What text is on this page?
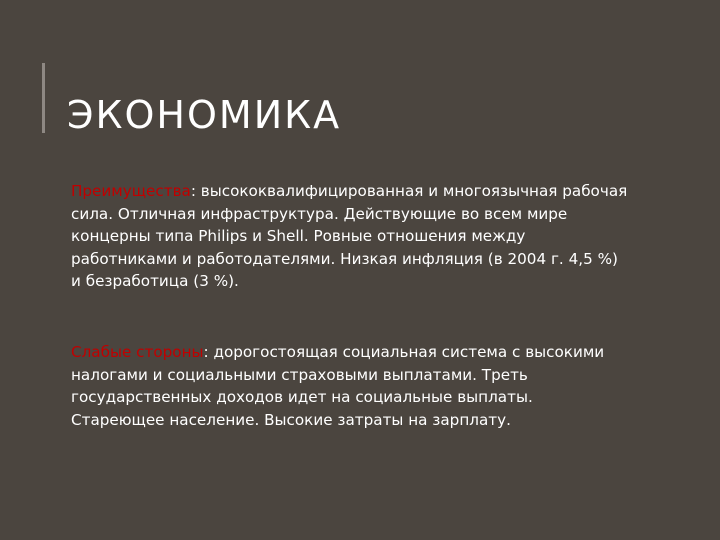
ЭКОНОМИКА
Преимущества: высококвалифицированная и многоязычная рабочая сила. Отличная инфраструктура. Действующие во всем мире концерны типа Philips и Shell. Ровные отношения между работниками и работодателями. Низкая инфляция (в 2004 г. 4,5 %) и безработица (3 %).
Слабые стороны: дорогостоящая социальная система с высокими налогами и социальными страховыми выплатами. Треть государственных доходов идет на социальные выплаты. Стареющее население. Высокие затраты на зарплату.
